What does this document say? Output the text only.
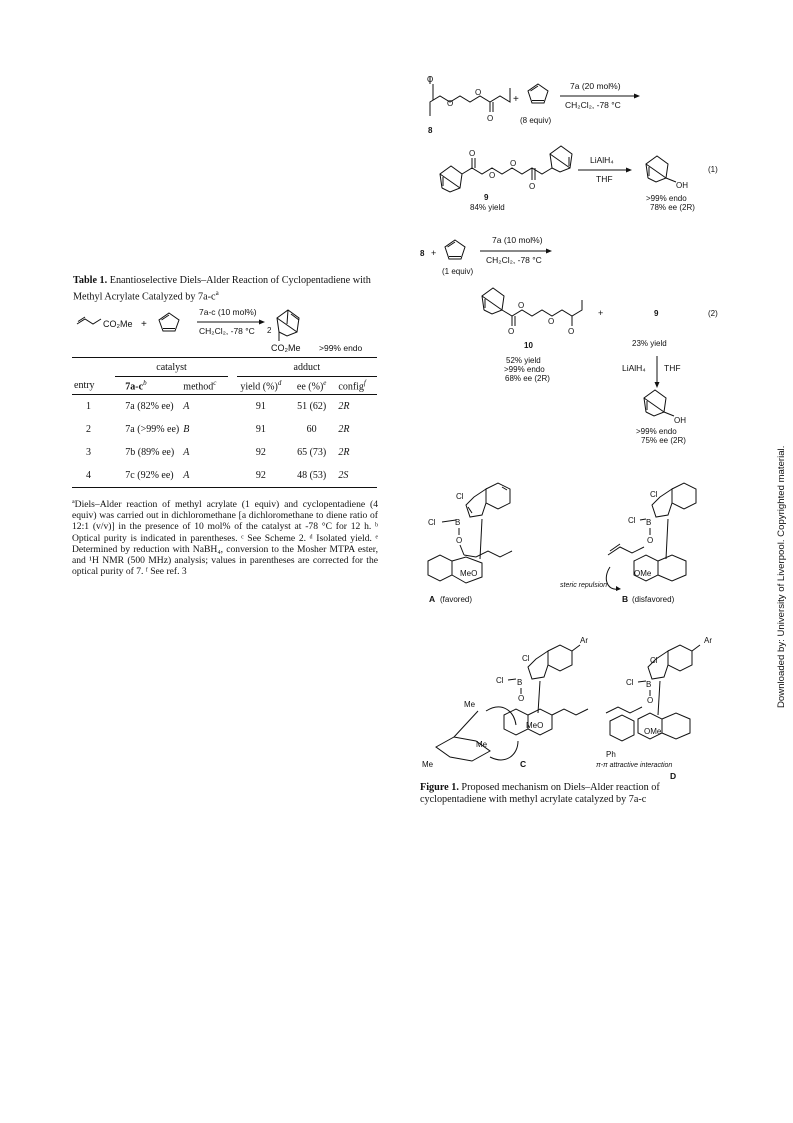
Table 1. Enantioselective Diels–Alder Reaction of Cyclopentadiene with Methyl Acrylate Catalyzed by $7a-c^a$
CO₂Me +
7a-c (10 mol%)
CH₂Cl₂, -78 °C 2
CO₂Me >99% endo
	catalyst			adduct		
entry	$7a-c^b$	method$^c$		yield (%)$^d$	ee (%)$^e$	config$^f$
1	7a (82% ee)	A		91	51 (62)	2R
2	7a (>99% ee)	B		91	60	2R
3	7b (89% ee)	A		92	65 (73)	2R
4	7c (92% ee)	A		92	48 (53)	2S
ªDiels–Alder reaction of methyl acrylate (1 equiv) and cyclopentadiene (4 equiv) was carried out in dichloromethane [a dichloromethane to diene ratio of 12:1 (v/v)] in the presence of 10 mol% of the catalyst at -78 °C for 12 h. ᵇ Optical purity is indicated in parentheses. ᶜ See Scheme 2. ᵈ Isolated yield. ᵉ Determined by reduction with NaBH₄, conversion to the Mosher MTPA ester, and ¹H NMR (500 MHz) analysis; values in parentheses are corrected for the optical purity of 7. ᶠ See ref. 3
O
O
O
O
8
+
(8 equiv)
7a (20 mol%)
CH₂Cl₂, -78 °C
O
O
O
O
9
84% yield
LiAlH₄
THF
OH
>99% endo
78% ee (2R)
(1)
8 +
(1 equiv)
7a (10 mol%)
CH₂Cl₂, -78 °C
O
O
O
O
10
52% yield
>99% endo
68% ee (2R)
+	9	(2)
23% yield
LiAlH₄ THF
OH
>99% endo
75% ee (2R)
Cl
Cl B
O
MeO
A (favored)
Cl
Cl B
O
OMe
steric repulsion
B (disfavored)
Ar
Cl
Cl B
O
MeO
Me
Me
Me	C
Ar
Cl
Cl B
O
OMe
Ph
π-π attractive interaction
D
Figure 1. Proposed mechanism on Diels–Alder reaction of cyclopentadiene with methyl acrylate catalyzed by 7a-c
Downloaded by: University of Liverpool. Copyrighted material.
